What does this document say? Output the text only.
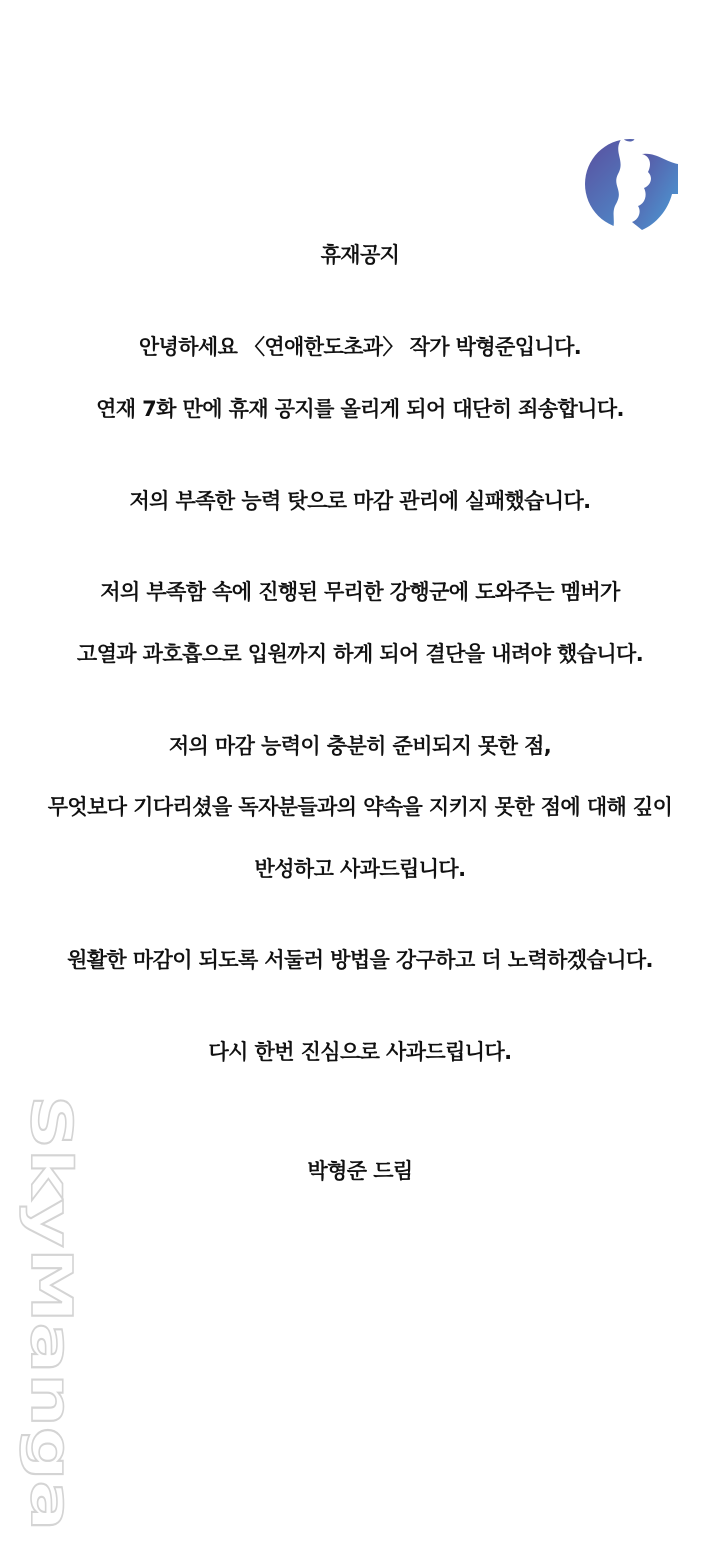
휴재공지
안녕하세요 〈연애한도초과〉 작가 박형준입니다.
연재 7화 만에 휴재 공지를 올리게 되어 대단히 죄송합니다.
저의 부족한 능력 탓으로 마감 관리에 실패했습니다.
저의 부족함 속에 진행된 무리한 강행군에 도와주는 멤버가
고열과 과호흡으로 입원까지 하게 되어 결단을 내려야 했습니다.
저의 마감 능력이 충분히 준비되지 못한 점,
무엇보다 기다리셨을 독자분들과의 약속을 지키지 못한 점에 대해 깊이
반성하고 사과드립니다.
원활한 마감이 되도록 서둘러 방법을 강구하고 더 노력하겠습니다.
다시 한번 진심으로 사과드립니다.
박형준 드림
SkyManga
